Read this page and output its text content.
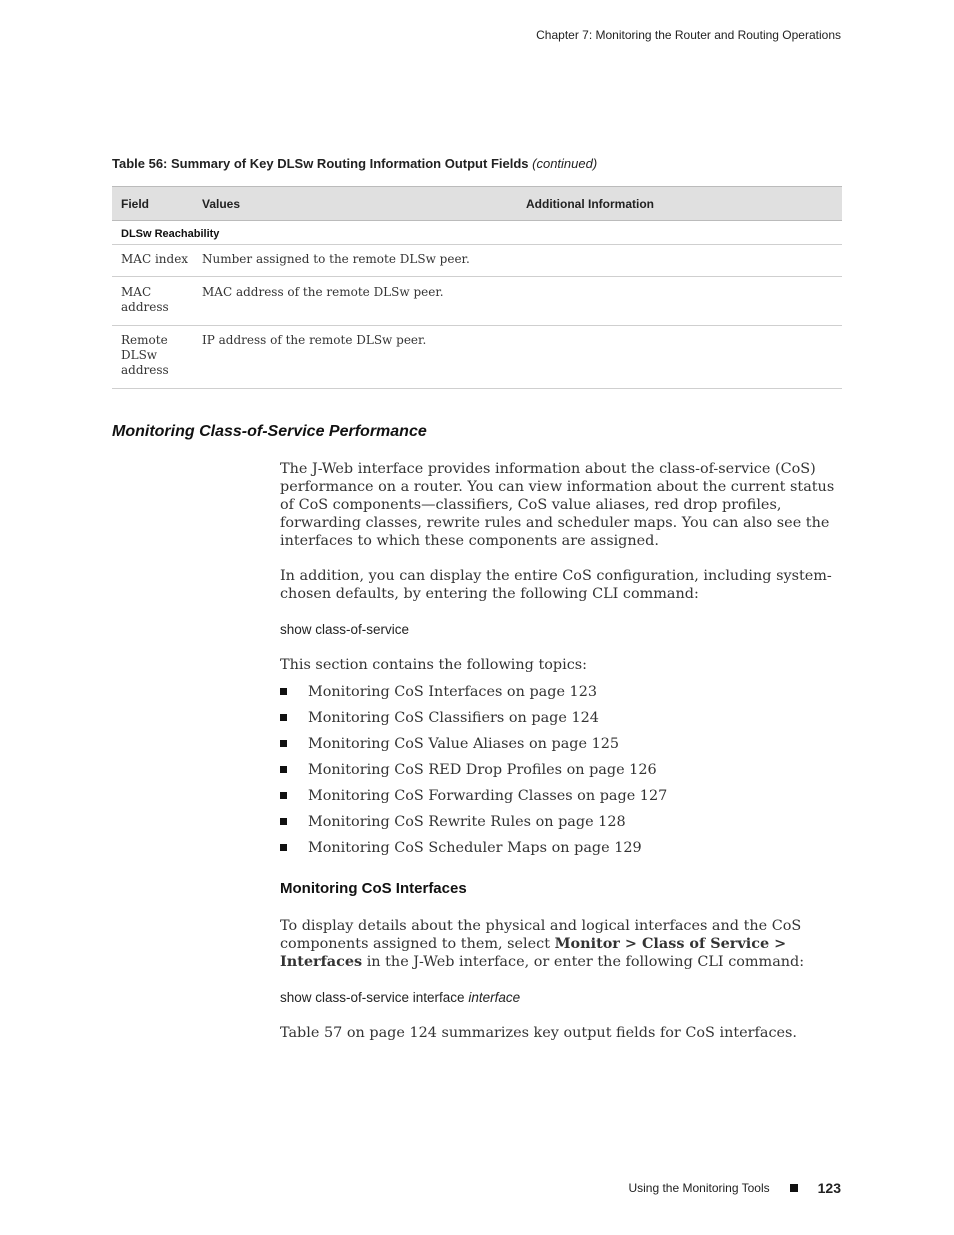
Chapter 7: Monitoring the Router and Routing Operations
Table 56: Summary of Key DLSw Routing Information Output Fields (continued)
Field	Values	Additional Information
DLSw Reachability		
MAC index	Number assigned to the remote DLSw peer.	

MAC address	MAC address of the remote DLSw peer.	

Remote DLSw address	IP address of the remote DLSw peer.	
Monitoring Class-of-Service Performance
The J-Web interface provides information about the class-of-service (CoS) performance on a router. You can view information about the current status of CoS components—classifiers, CoS value aliases, red drop profiles, forwarding classes, rewrite rules and scheduler maps. You can also see the interfaces to which these components are assigned.
In addition, you can display the entire CoS configuration, including system-chosen defaults, by entering the following CLI command:
show class-of-service
This section contains the following topics:
Monitoring CoS Interfaces on page 123
Monitoring CoS Classifiers on page 124
Monitoring CoS Value Aliases on page 125
Monitoring CoS RED Drop Profiles on page 126
Monitoring CoS Forwarding Classes on page 127
Monitoring CoS Rewrite Rules on page 128
Monitoring CoS Scheduler Maps on page 129
Monitoring CoS Interfaces
To display details about the physical and logical interfaces and the CoS components assigned to them, select Monitor > Class of Service > Interfaces in the J-Web interface, or enter the following CLI command:
show class-of-service interface interface
Table 57 on page 124 summarizes key output fields for CoS interfaces.
Using the Monitoring Tools	123
